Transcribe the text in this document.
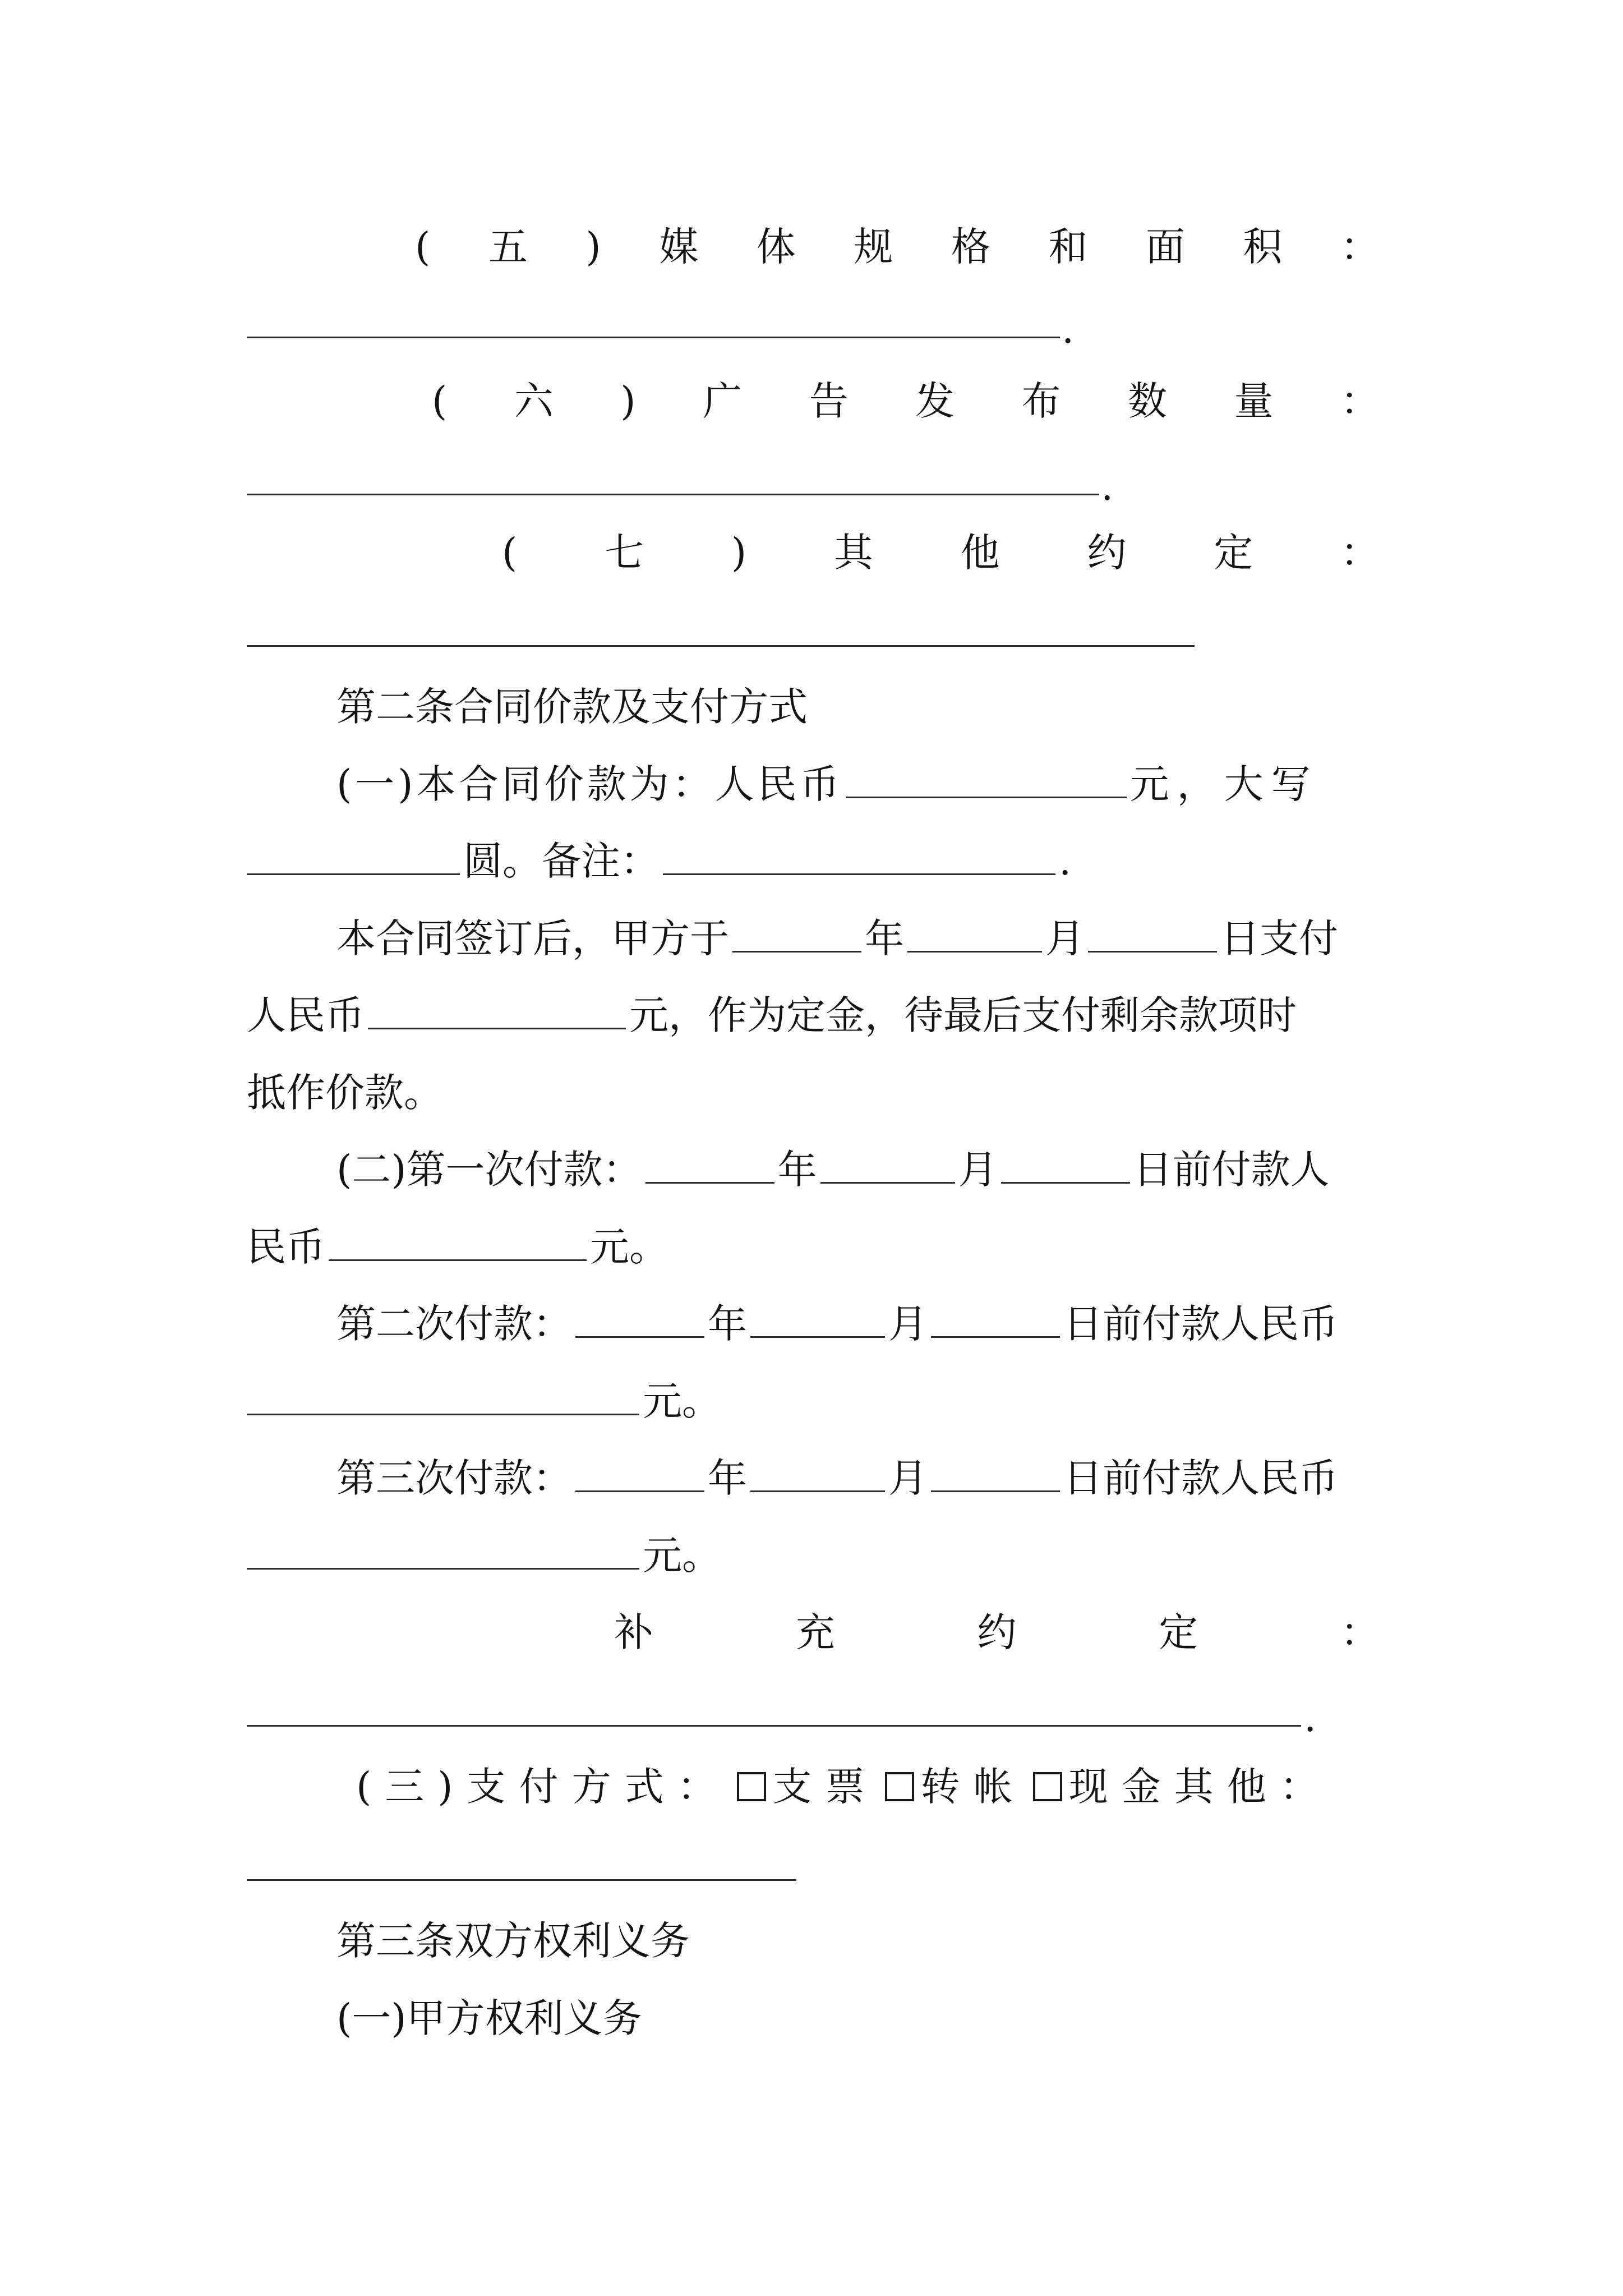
( 五 ) 媒 体 规 格 和 面 积 ：
.
( 六 ) 广 告 发 布 数 量 ：
.
( 七 ) 其 他 约 定 ：
第二条合同价款及支付方式
(一)本合同价款为：人民币	元，大写
圆。备注：	.
本合同签订后，甲方于	年	月	日支付
人民币	元，作为定金，待最后支付剩余款项时
抵作价款。
(二)第一次付款：	年	月	日前付款人
民币	元。
第二次付款：	年	月	日前付款人民币
元。
第三次付款：	年	月	日前付款人民币
元。
补	充	约	定	：
.
(三)支付方式： 支票 转帐 现金其他：
第三条双方权利义务
(一)甲方权利义务
